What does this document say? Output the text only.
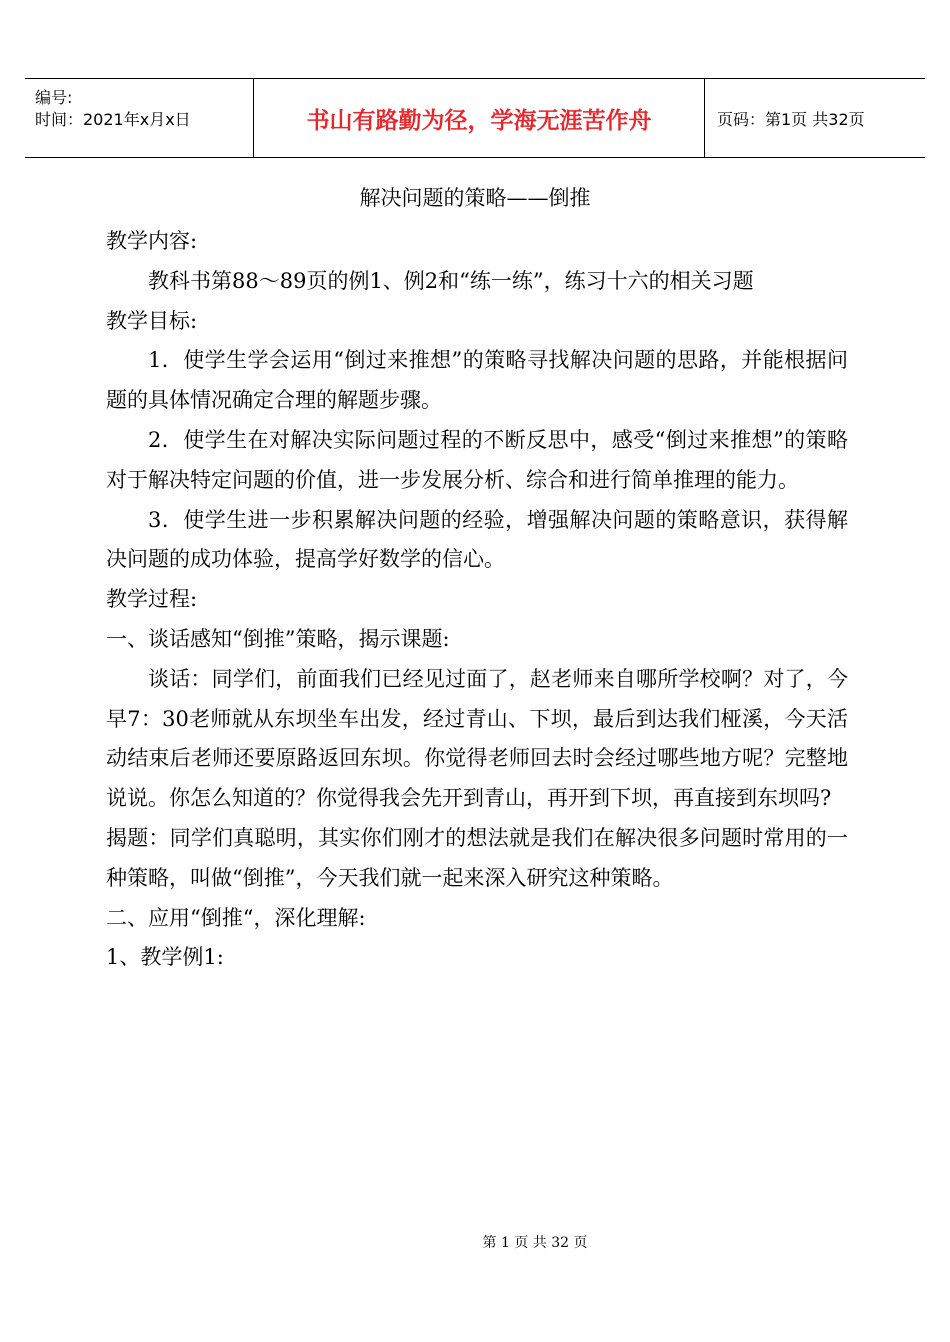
编号:
时间：2021年x月x日	书山有路勤为径，学海无涯苦作舟	页码：第1页 共32页
解决问题的策略——倒推

教学内容:

教科书第88～89页的例1、例2和“练一练”，练习十六的相关习题

教学目标:

1．使学生学会运用“倒过来推想”的策略寻找解决问题的思路，并能根据问题的具体情况确定合理的解题步骤。

2．使学生在对解决实际问题过程的不断反思中，感受“倒过来推想”的策略对于解决特定问题的价值，进一步发展分析、综合和进行简单推理的能力。

3．使学生进一步积累解决问题的经验，增强解决问题的策略意识，获得解决问题的成功体验，提高学好数学的信心。

教学过程:

一、谈话感知“倒推”策略，揭示课题:

谈话：同学们，前面我们已经见过面了，赵老师来自哪所学校啊？对了，今早7：30老师就从东坝坐车出发，经过青山、下坝，最后到达我们桠溪，今天活动结束后老师还要原路返回东坝。你觉得老师回去时会经过哪些地方呢？完整地说说。你怎么知道的？你觉得我会先开到青山，再开到下坝，再直接到东坝吗?

揭题：同学们真聪明，其实你们刚才的想法就是我们在解决很多问题时常用的一种策略，叫做“倒推”，今天我们就一起来深入研究这种策略。

二、应用“倒推“，深化理解:

1、教学例1:

第 1 页 共 32 页
